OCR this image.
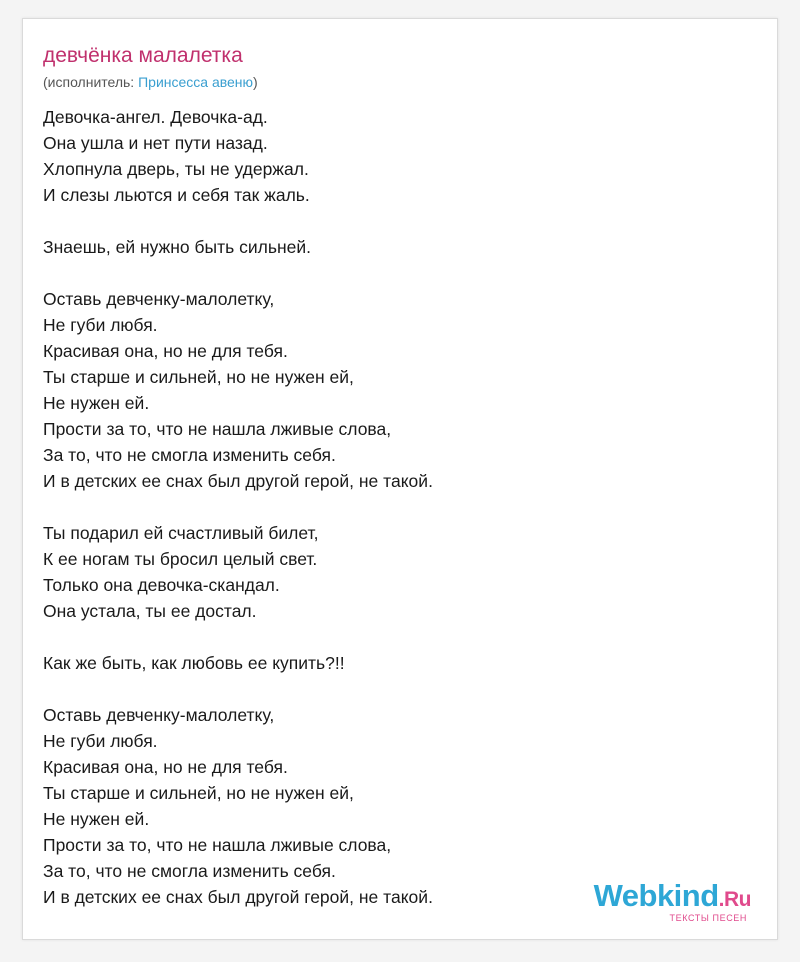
девчёнка малалетка
(исполнитель: Принсесса авеню)
Девочка-ангел. Девочка-ад.
Она ушла и нет пути назад.
Хлопнула дверь, ты не удержал.
И слезы льются и себя так жаль.
Знаешь, ей нужно быть сильней.
Оставь девченку-малолетку,
Не губи любя.
Красивая она, но не для тебя.
Ты старше и сильней, но не нужен ей,
Не нужен ей.
Прости за то, что не нашла лживые слова,
За то, что не смогла изменить себя.
И в детских ее снах был другой герой, не такой.
Ты подарил ей счастливый билет,
К ее ногам ты бросил целый свет.
Только она девочка-скандал.
Она устала, ты ее достал.
Как же быть, как любовь ее купить?!!
Оставь девченку-малолетку,
Не губи любя.
Красивая она, но не для тебя.
Ты старше и сильней, но не нужен ей,
Не нужен ей.
Прости за то, что не нашла лживые слова,
За то, что не смогла изменить себя.
И в детских ее снах был другой герой, не такой.	Webkind.Ru
ТЕКСТЫ ПЕСЕН
